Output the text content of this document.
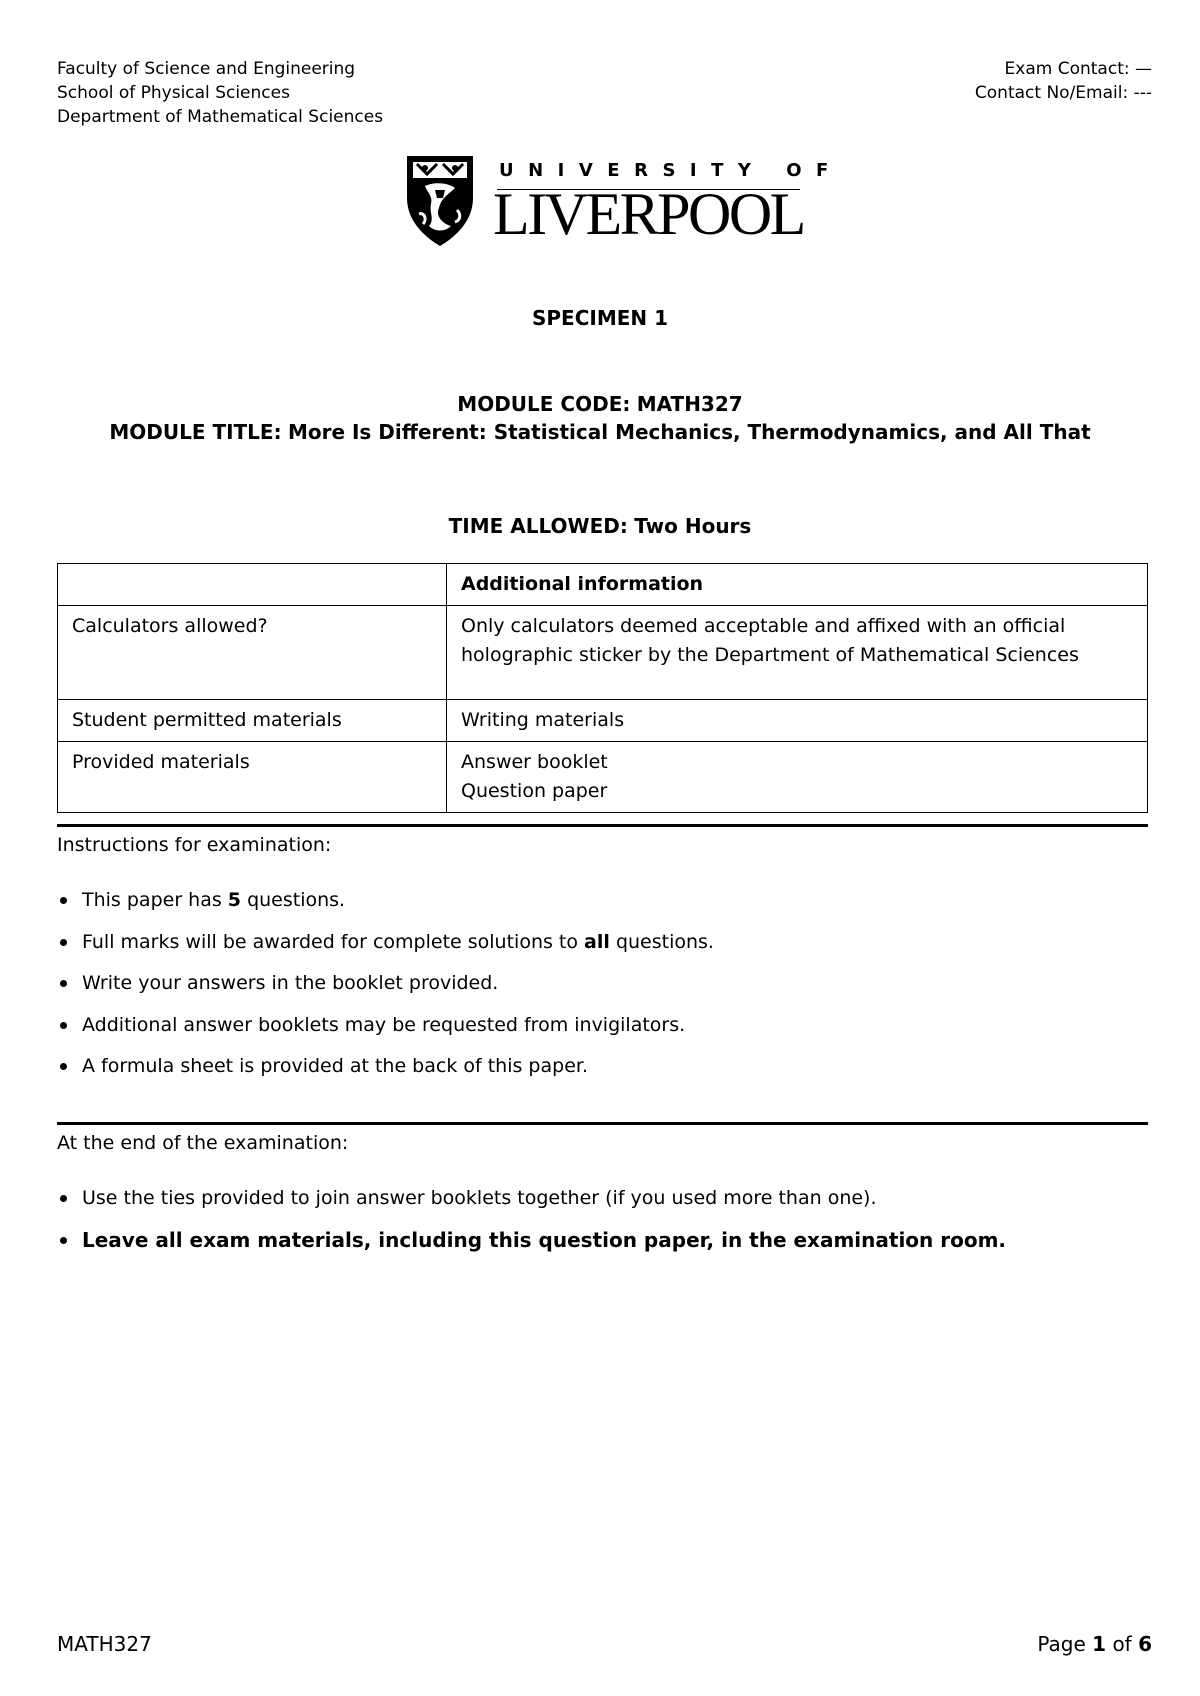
Faculty of Science and Engineering
School of Physical Sciences
Department of Mathematical Sciences
Exam Contact: —
Contact No/Email: ---
UNIVERSITY OF
LIVERPOOL
SPECIMEN 1
MODULE CODE: MATH327
MODULE TITLE: More Is Different: Statistical Mechanics, Thermodynamics, and All That
TIME ALLOWED: Two Hours
	Additional information
Calculators allowed?	Only calculators deemed acceptable and affixed with an official
holographic sticker by the Department of Mathematical Sciences

Student permitted materials	Writing materials

Provided materials	Answer booklet
Question paper
Instructions for examination:
This paper has 5 questions.
Full marks will be awarded for complete solutions to all questions.
Write your answers in the booklet provided.
Additional answer booklets may be requested from invigilators.
A formula sheet is provided at the back of this paper.
At the end of the examination:
Use the ties provided to join answer booklets together (if you used more than one).
Leave all exam materials, including this question paper, in the examination room.
MATH327	Page 1 of 6
